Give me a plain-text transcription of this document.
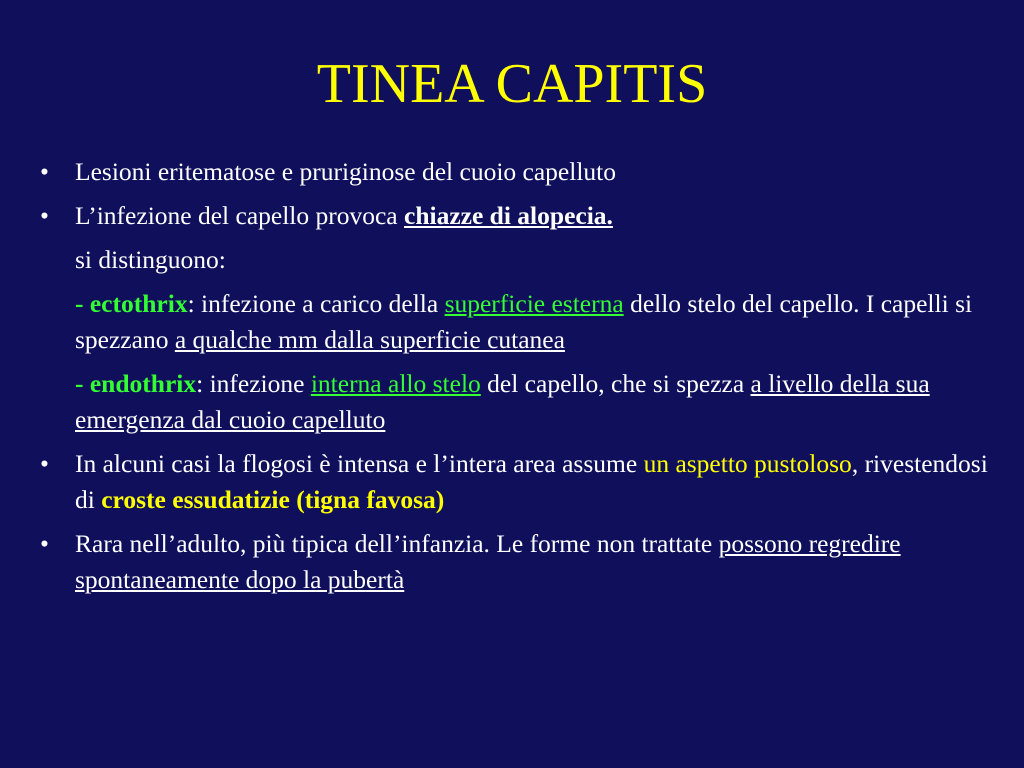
TINEA CAPITIS
• Lesioni eritematose e pruriginose del cuoio capelluto
• L’infezione del capello provoca chiazze di alopecia.
si distinguono:
- ectothrix: infezione a carico della superficie esterna dello stelo del capello. I capelli si spezzano a qualche mm dalla superficie cutanea
- endothrix: infezione interna allo stelo del capello, che si spezza a livello della sua emergenza dal cuoio capelluto
• In alcuni casi la flogosi è intensa e l’intera area assume un aspetto pustoloso, rivestendosi di croste essudatizie (tigna favosa)
• Rara nell’adulto, più tipica dell’infanzia. Le forme non trattate possono regredire spontaneamente dopo la pubertà
